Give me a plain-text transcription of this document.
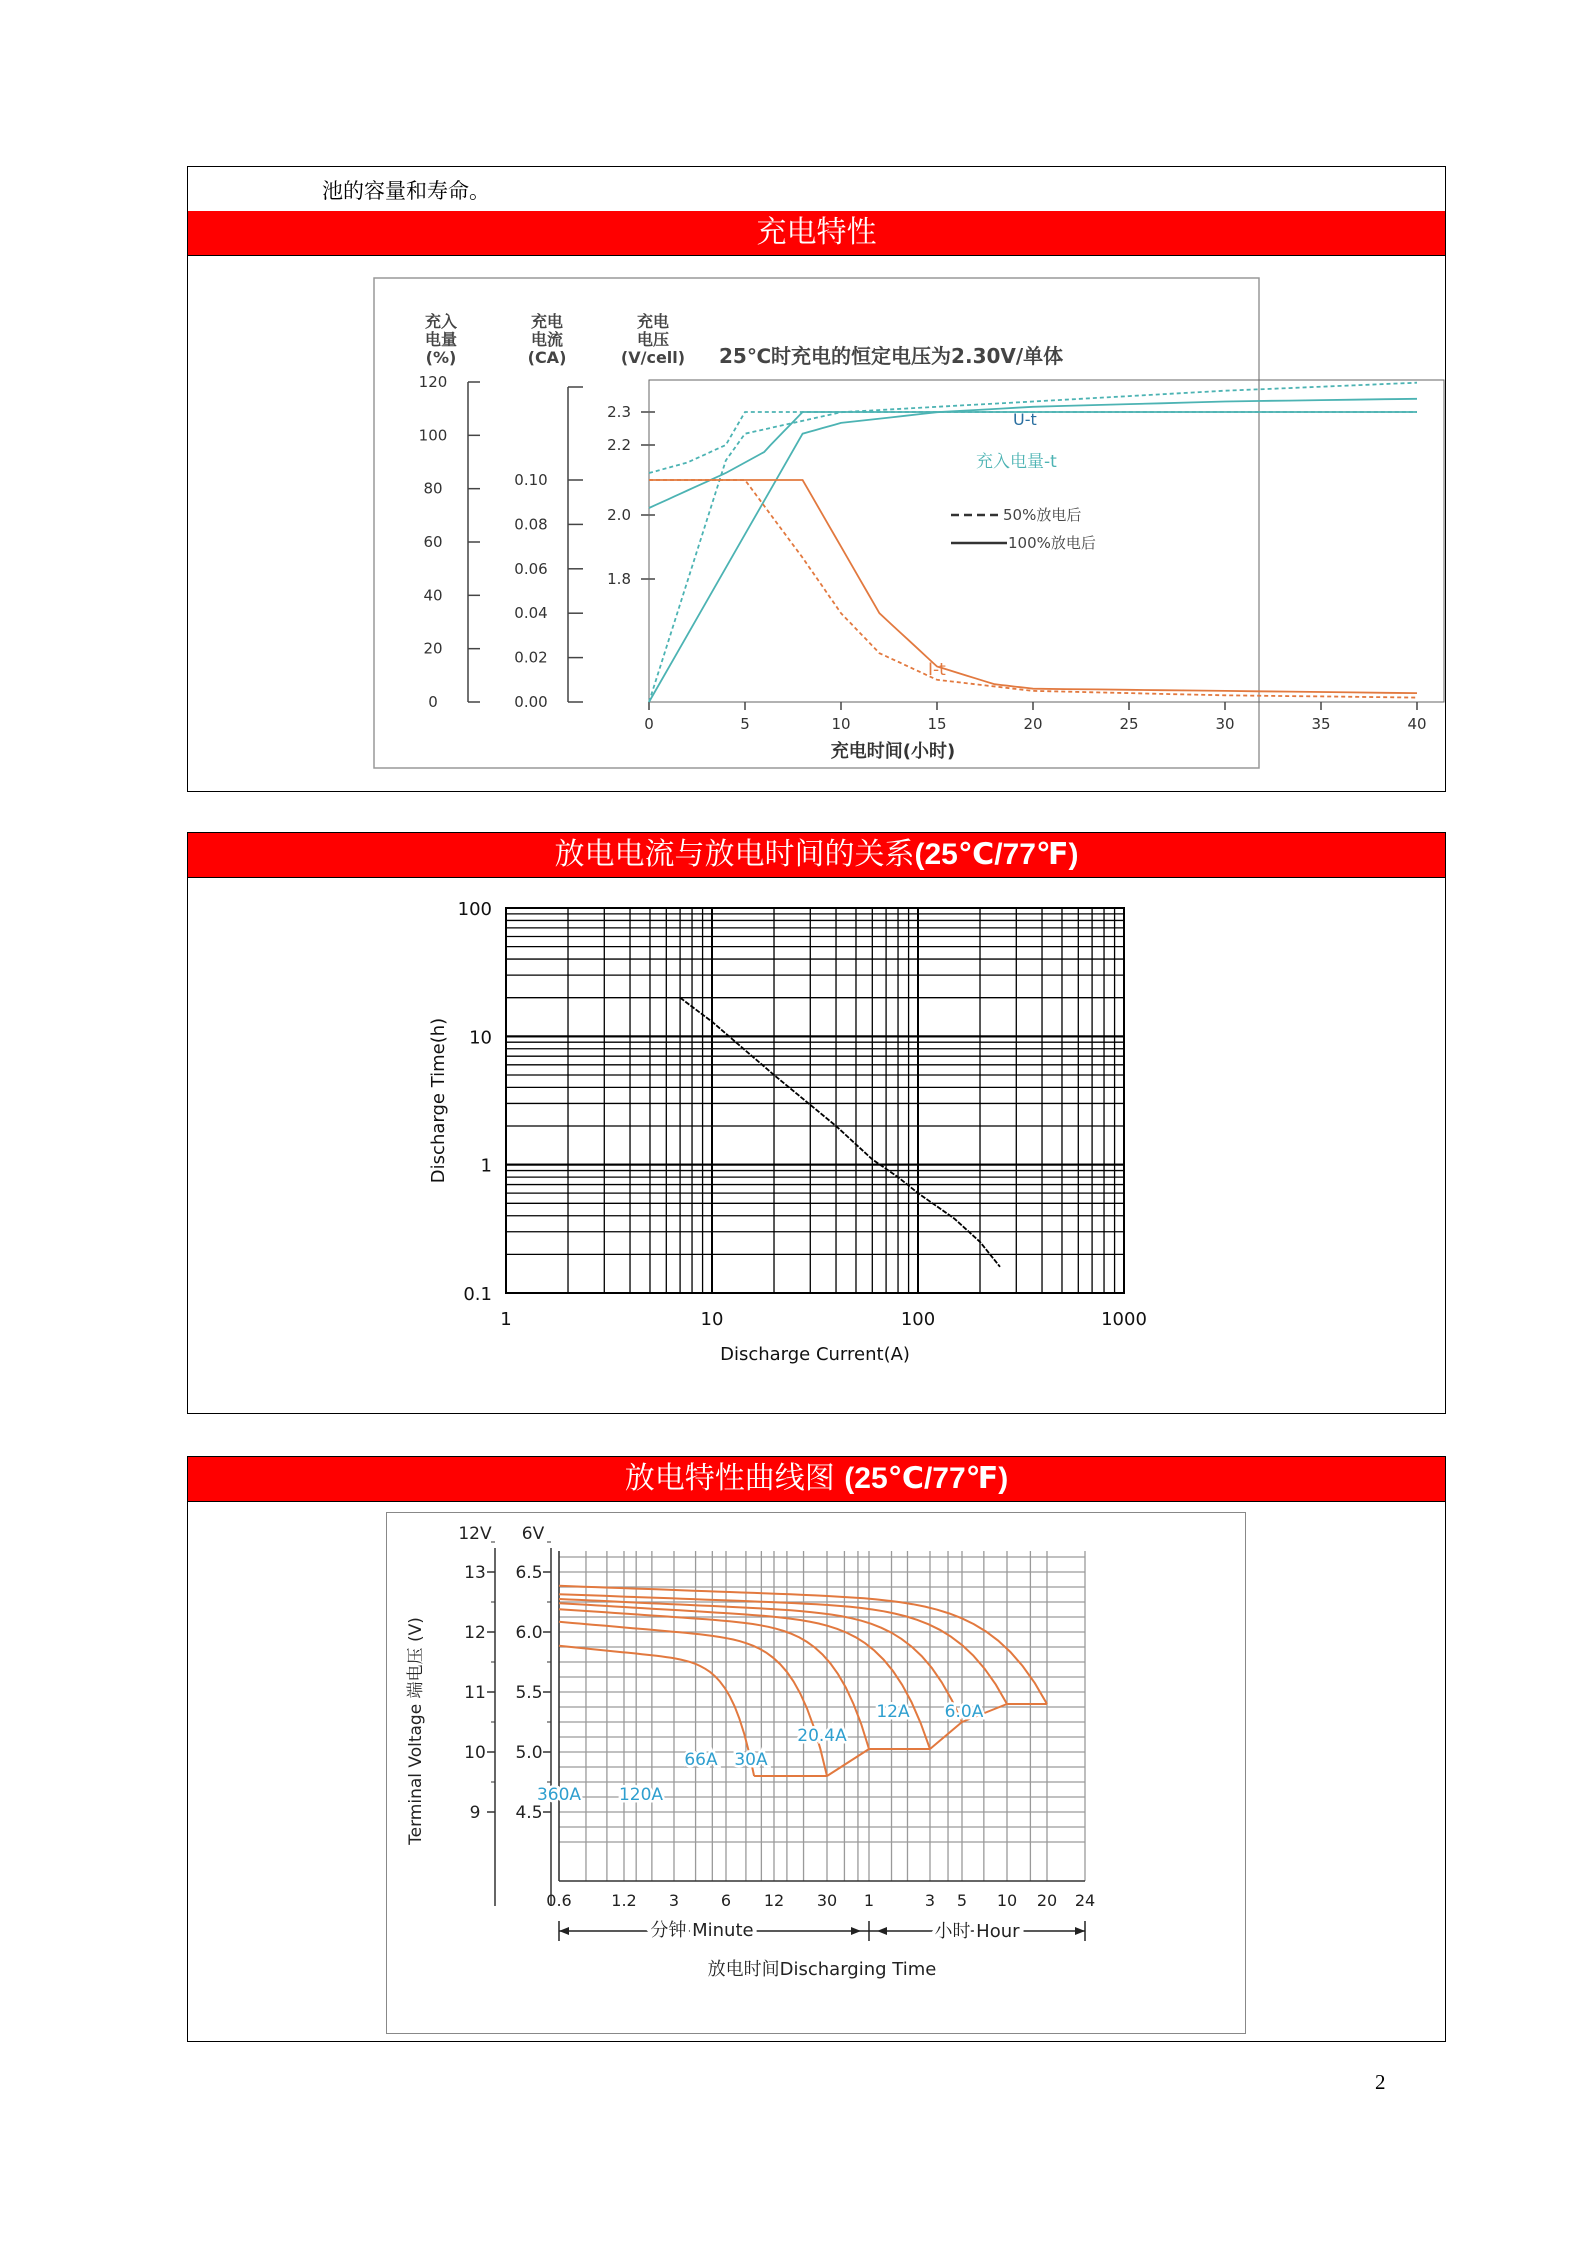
池的容量和寿命。
充电特性
充入
电量
(%)
充电
电流
(CA)
充电
电压
(V/cell)
120
100
80
60
40
20
0
0.10
0.08
0.06
0.04
0.02
0.00
2.3
2.2
2.0
1.8
25℃时充电的恒定电压为2.30V/单体
0	5	10	15	20	25	30	35	40
充电时间(小时)
U-t
充入电量-t
I-t
50%放电后
100%放电后
放电电流与放电时间的关系(25℃/77℉)
1	10	100	1000
100
10
1
0.1
Discharge Current(A)
Discharge Time(h)
放电特性曲线图 (25℃/77℉)
12V 6V
13
12
11
10
9
6.5
6.0
5.5
5.0
4.5
Terminal Voltage 端电压 (V)
0.6 1.2 3	6 12 30 1	3 5 10 20 24
分钟 Minute	小时 Hour
放电时间Discharging Time
360A 120A
66A 30A
20.4A
12A 6.0A
2
